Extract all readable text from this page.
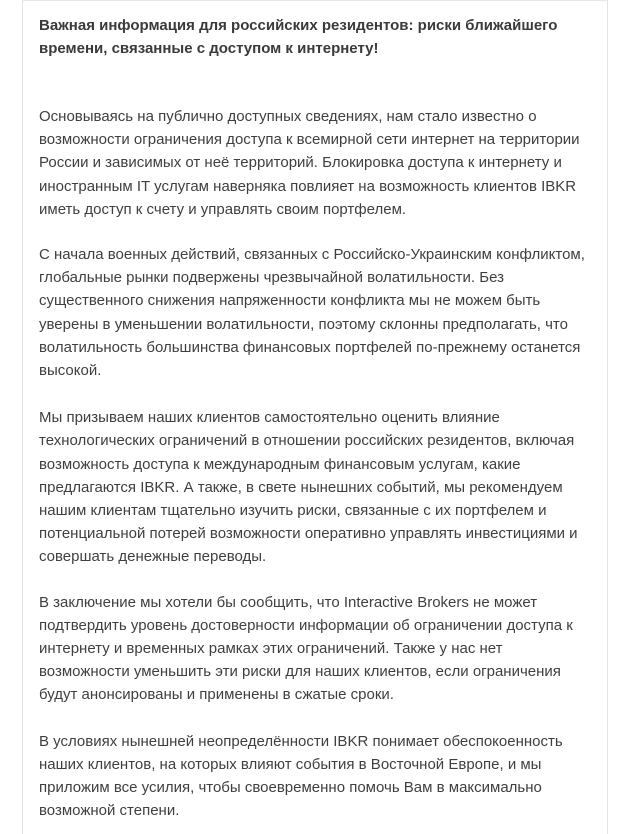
Важная информация для российских резидентов: риски ближайшего времени, связанные с доступом к интернету!

Основываясь на публично доступных сведениях, нам стало известно о возможности ограничения доступа к всемирной сети интернет на территории России и зависимых от неё территорий. Блокировка доступа к интернету и иностранным IT услугам наверняка повлияет на возможность клиентов IBKR иметь доступ к счету и управлять своим портфелем.

С начала военных действий, связанных с Российско-Украинским конфликтом, глобальные рынки подвержены чрезвычайной волатильности. Без существенного снижения напряженности конфликта мы не можем быть уверены в уменьшении волатильности, поэтому склонны предполагать, что волатильность большинства финансовых портфелей по-прежнему останется высокой.

Мы призываем наших клиентов самостоятельно оценить влияние технологических ограничений в отношении российских резидентов, включая возможность доступа к международным финансовым услугам, какие предлагаются IBKR. А также, в свете нынешних событий, мы рекомендуем нашим клиентам тщательно изучить риски, связанные с их портфелем и потенциальной потерей возможности оперативно управлять инвестициями и совершать денежные переводы.

В заключение мы хотели бы сообщить, что Interactive Brokers не может подтвердить уровень достоверности информации об ограничении доступа к интернету и временных рамках этих ограничений. Также у нас нет возможности уменьшить эти риски для наших клиентов, если ограничения будут анонсированы и применены в сжатые сроки.

В условиях нынешней неопределённости IBKR понимает обеспокоенность наших клиентов, на которых влияют события в Восточной Европе, и мы приложим все усилия, чтобы своевременно помочь Вам в максимально возможной степени.
